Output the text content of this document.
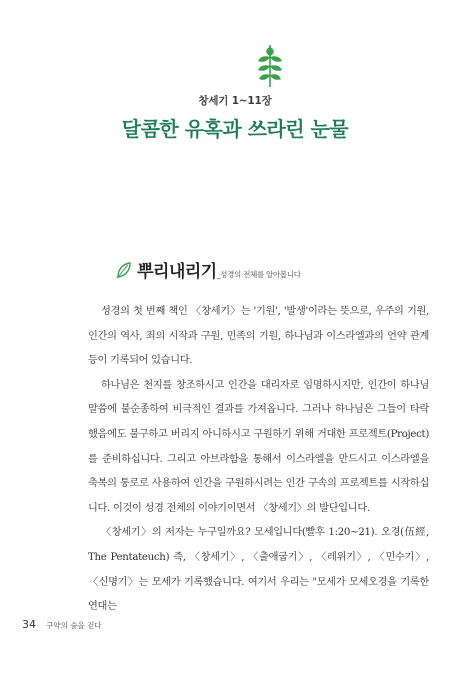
창세기 1~11장
달콤한 유혹과 쓰라린 눈물
뿌리내리기_성경의 전체를 알아봅니다

성경의 첫 번째 책인 〈창세기〉는 '기원', '발생'이라는 뜻으로, 우주의 기원, 인간의 역사, 죄의 시작과 구원, 민족의 기원, 하나님과 이스라엘과의 언약 관계 등이 기록되어 있습니다.

하나님은 천지를 창조하시고 인간을 대리자로 임명하시지만, 인간이 하나님 말씀에 불순종하여 비극적인 결과를 가져옵니다. 그러나 하나님은 그들이 타락했음에도 불구하고 버리지 아니하시고 구원하기 위해 거대한 프로젝트(Project)를 준비하십니다. 그리고 아브라함을 통해서 이스라엘을 만드시고 이스라엘을 축복의 통로로 사용하여 인간을 구원하시려는 인간 구속의 프로젝트를 시작하십니다. 이것이 성경 전체의 이야기이면서 〈창세기〉의 발단입니다.

〈창세기〉의 저자는 누구일까요? 모세입니다(빨후 1:20~21). 오경(伍經, The Pentateuch) 즉, 〈창세기〉, 〈출애굽기〉, 〈레위기〉, 〈민수기〉, 〈신명기〉는 모세가 기록했습니다. 여기서 우리는 "모세가 모세오경을 기록한 연대는

34 구약의 숲을 걷다
